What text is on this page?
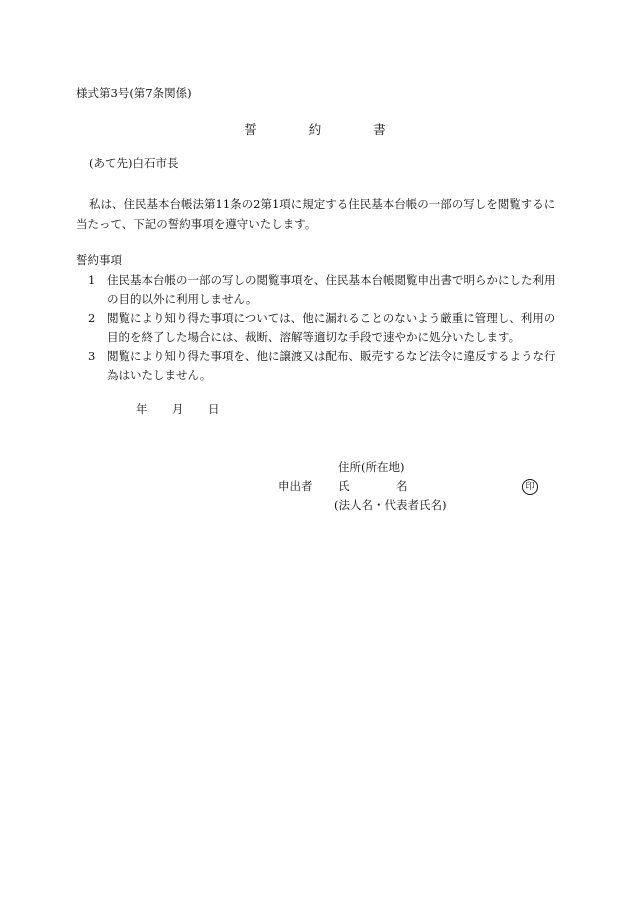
様式第3号(第7条関係)
誓	約	書
(あて先)白石市長
私は、住民基本台帳法第11条の2第1項に規定する住民基本台帳の一部の写しを閲覧するに当たって、下記の誓約事項を遵守いたします。
誓約事項
1 住民基本台帳の一部の写しの閲覧事項を、住民基本台帳閲覧申出書で明らかにした利用の目的以外に利用しません。
2 閲覧により知り得た事項については、他に漏れることのないよう厳重に管理し、利用の目的を終了した場合には、裁断、溶解等適切な手段で速やかに処分いたします。
3 閲覧により知り得た事項を、他に譲渡又は配布、販売するなど法令に違反するような行為はいたしません。
年 月 日
住所(所在地)
申出者 氏	名	印
(法人名・代表者氏名)
